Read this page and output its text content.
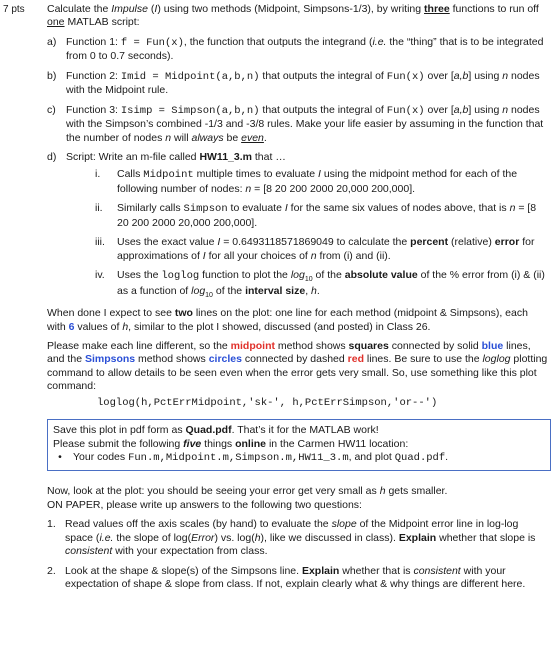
7 pts Calculate the Impulse (I) using two methods (Midpoint, Simpsons-1/3), by writing three functions to run off one MATLAB script:

a) Function 1: f = Fun(x), the function that outputs the integrand (i.e. the “thing” that is to be integrated from 0 to 0.7 seconds).

b) Function 2: Imid = Midpoint(a,b,n) that outputs the integral of Fun(x) over [a,b] using n nodes with the Midpoint rule.

c) Function 3: Isimp = Simpson(a,b,n) that outputs the integral of Fun(x) over [a,b] using n nodes with the Simpson’s combined -1/3 and -3/8 rules. Make your life easier by assuming in the function that the number of nodes n will always be even.

d) Script: Write an m-file called HW11_3.m that …

i.	Calls Midpoint multiple times to evaluate I using the midpoint method for each of the following number of nodes: n = [8 20 200 2000 20,000 200,000].

ii.	Similarly calls Simpson to evaluate I for the same six values of nodes above, that is n = [8 20 200 2000 20,000 200,000].

iii.	Uses the exact value I = 0.6493118571869049 to calculate the percent (relative) error for approximations of I for all your choices of n from (i) and (ii).

iv.	Uses the loglog function to plot the $\log_{10}$ of the absolute value of the % error from (i) & (ii) as a function of $\log_{10}$ of the interval size, h.

When done I expect to see two lines on the plot: one line for each method (midpoint & Simpsons), each with 6 values of h, similar to the plot I showed, discussed (and posted) in Class 26.

Please make each line different, so the midpoint method shows squares connected by solid blue lines, and the Simpsons method shows circles connected by dashed red lines. Be sure to use the loglog plotting command to allow details to be seen even when the error gets very small. So, use something like this plot command:

loglog(h,PctErrMidpoint,'sk-', h,PctErrSimpson,'or--')

Save this plot in pdf form as Quad.pdf. That’s it for the MATLAB work!

Please submit the following five things online in the Carmen HW11 location:

•	Your codes Fun.m,Midpoint.m,Simpson.m,HW11_3.m, and plot Quad.pdf.

Now, look at the plot: you should be seeing your error get very small as h gets smaller.

ON PAPER, please write up answers to the following two questions:

1. Read values off the axis scales (by hand) to evaluate the slope of the Midpoint error line in log-log space (i.e. the slope of log(Error) vs. log(h), like we discussed in class). Explain whether that slope is consistent with your expectation from class.

2. Look at the shape & slope(s) of the Simpsons line. Explain whether that is consistent with your expectation of shape & slope from class. If not, explain clearly what & why things are different here.
